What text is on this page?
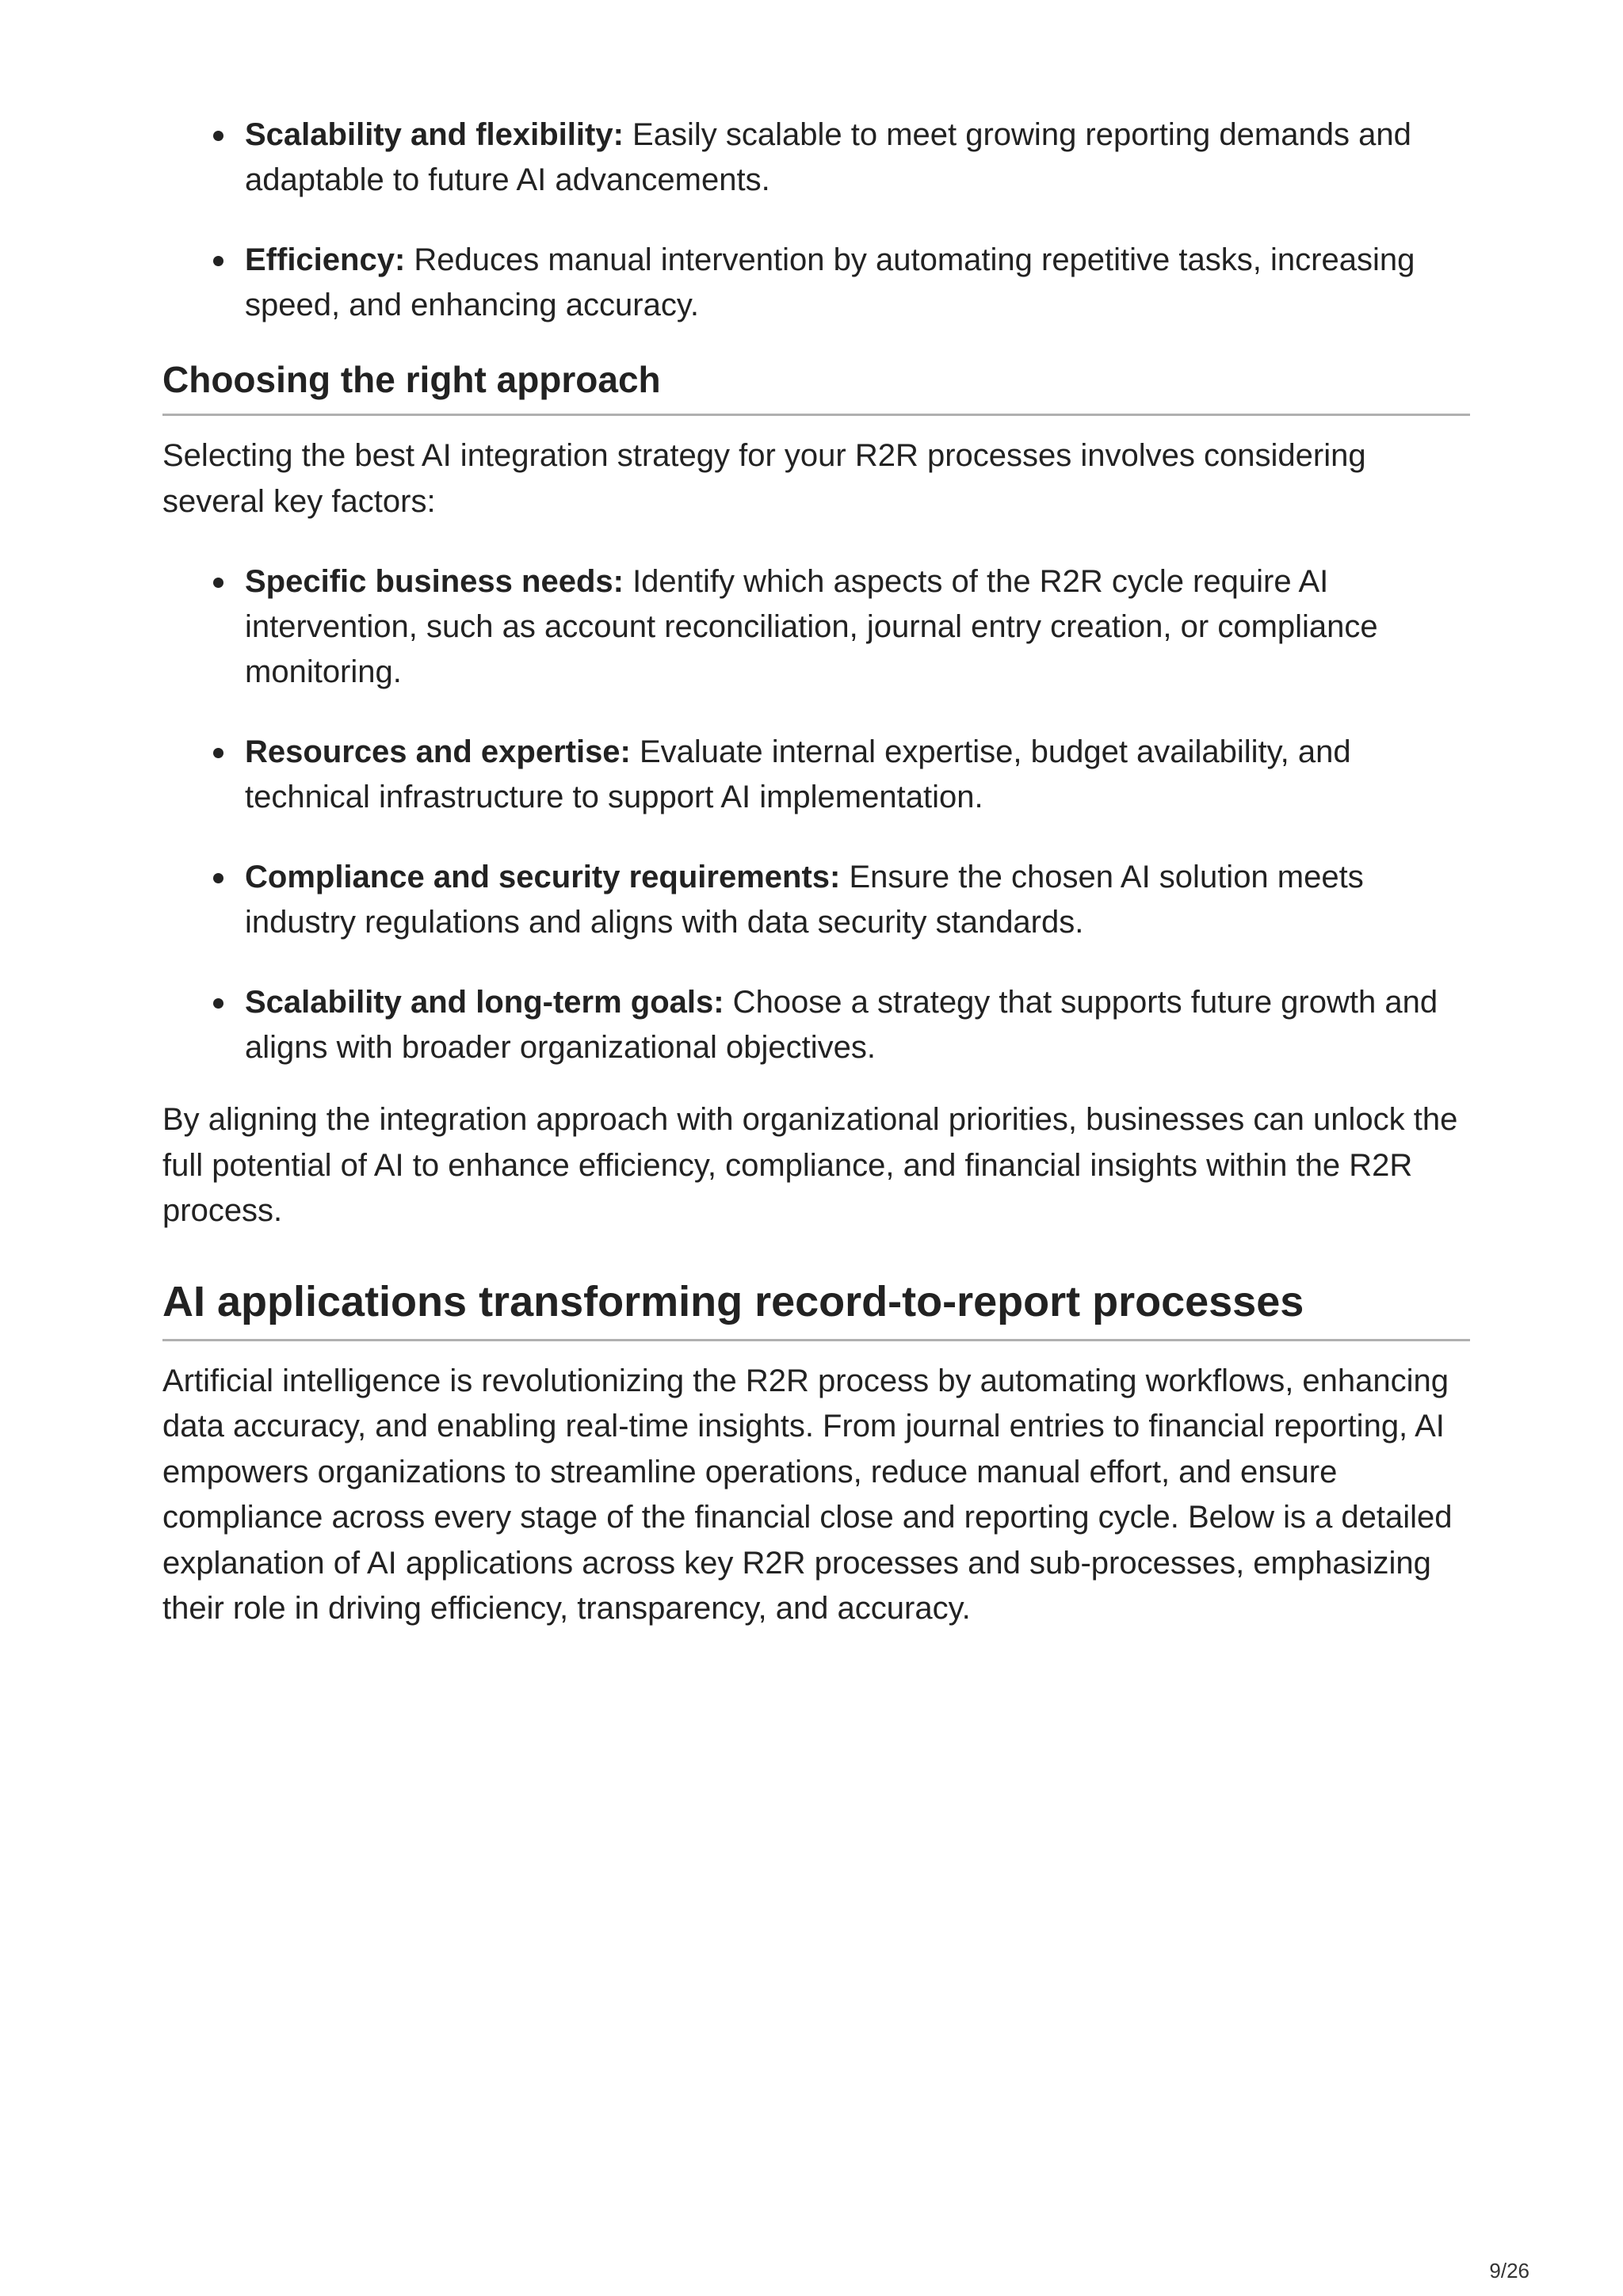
Scalability and flexibility: Easily scalable to meet growing reporting demands and adaptable to future AI advancements.
Efficiency: Reduces manual intervention by automating repetitive tasks, increasing speed, and enhancing accuracy.
Choosing the right approach

Selecting the best AI integration strategy for your R2R processes involves considering several key factors:

Specific business needs: Identify which aspects of the R2R cycle require AI intervention, such as account reconciliation, journal entry creation, or compliance monitoring.
Resources and expertise: Evaluate internal expertise, budget availability, and technical infrastructure to support AI implementation.
Compliance and security requirements: Ensure the chosen AI solution meets industry regulations and aligns with data security standards.
Scalability and long-term goals: Choose a strategy that supports future growth and aligns with broader organizational objectives.

By aligning the integration approach with organizational priorities, businesses can unlock the full potential of AI to enhance efficiency, compliance, and financial insights within the R2R process.

AI applications transforming record-to-report processes

Artificial intelligence is revolutionizing the R2R process by automating workflows, enhancing data accuracy, and enabling real-time insights. From journal entries to financial reporting, AI empowers organizations to streamline operations, reduce manual effort, and ensure compliance across every stage of the financial close and reporting cycle. Below is a detailed explanation of AI applications across key R2R processes and sub-processes, emphasizing their role in driving efficiency, transparency, and accuracy.

9/26
